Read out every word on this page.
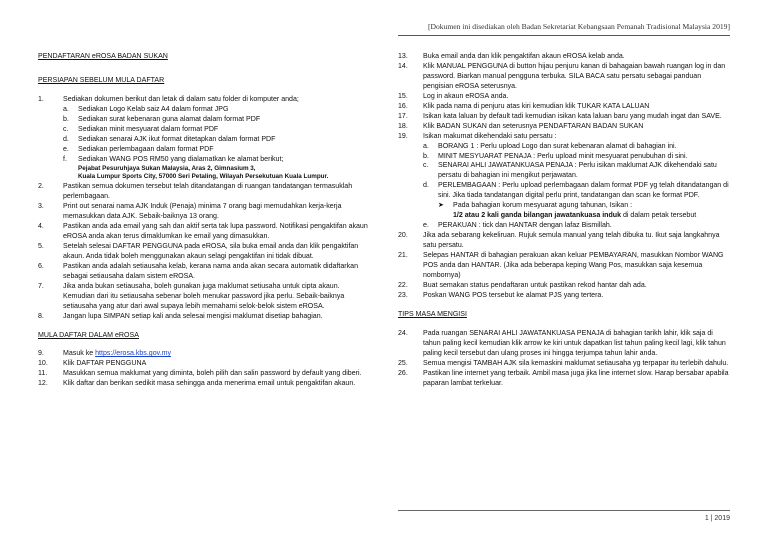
[Dokumen ini disediakan oleh Badan Sekretariat Kebangsaan Pemanah Tradisional Malaysia 2019]

PENDAFTARAN eROSA BADAN SUKAN

PERSIAPAN SEBELUM MULA DAFTAR

1.	Sediakan dokumen berikut dan letak di dalam satu folder di komputer anda;
a.	Sediakan Logo Kelab saiz A4 dalam format JPG
b.	Sediakan surat kebenaran guna alamat dalam format PDF
c.	Sediakan minit mesyuarat dalam format PDF
d.	Sediakan senarai AJK ikut format ditetapkan dalam format PDF
e.	Sediakan perlembagaan dalam format PDF
f.	Sediakan WANG POS RM50 yang dialamatkan ke alamat berikut;
Pejabat Pesuruhjaya Sukan Malaysia, Aras 2, Gimnasium 3,
Kuala Lumpur Sports City, 57000 Seri Petaling, Wilayah Persekutuan Kuala Lumpur.
2.	Pastikan semua dokumen tersebut telah ditandatangan di ruangan tandatangan termasuklah perlembagaan.
3.	Print out senarai nama AJK Induk (Penaja) minima 7 orang bagi memudahkan kerja-kerja memasukkan data AJK. Sebaik-baiknya 13 orang.
4.	Pastikan anda ada email yang sah dan aktif serta tak lupa password. Notifikasi pengaktifan akaun eROSA anda akan terus dimaklumkan ke email yang dimasukkan.
5.	Setelah selesai DAFTAR PENGGUNA pada eROSA, sila buka email anda dan klik pengaktifan akaun. Anda tidak boleh menggunakan akaun selagi pengaktifan ini tidak dibuat.
6.	Pastikan anda adalah setiausaha kelab, kerana nama anda akan secara automatik didaftarkan sebagai setiausaha dalam sistem eROSA.
7.	Jika anda bukan setiausaha, boleh gunakan juga maklumat setiusaha untuk cipta akaun. Kemudian dari itu setiausaha sebenar boleh menukar password jika perlu. Sebaik-baiknya setiausaha yang atur dari awal supaya lebih memahami selok-belok sistem eROSA.
8.	Jangan lupa SIMPAN setiap kali anda selesai mengisi maklumat disetiap bahagian.

MULA DAFTAR DALAM eROSA

9.	Masuk ke https://erosa.kbs.gov.my
10.	Klik DAFTAR PENGGUNA
11.	Masukkan semua maklumat yang diminta, boleh pilih dan salin password by default yang diberi.
12.	Klik daftar dan berikan sedikit masa sehingga anda menerima email untuk pengaktifan akaun.
13.	Buka email anda dan klik pengaktifan akaun eROSA kelab anda.
14.	Klik MANUAL PENGGUNA di button hijau penjuru kanan di bahagaian bawah ruangan log in dan password. Biarkan manual pengguna terbuka. SILA BACA satu persatu sebagai panduan pengisian eROSA seterusnya.
15.	Log in akaun eROSA anda.
16.	Klik pada nama di penjuru atas kiri kemudian klik TUKAR KATA LALUAN
17.	Isikan kata laluan by default tadi kemudian isikan kata laluan baru yang mudah ingat dan SAVE.
18.	Klik BADAN SUKAN dan seterusnya PENDAFTARAN BADAN SUKAN
19.	Isikan makumat dikehendaki satu persatu :
a.	BORANG 1 : Perlu upload Logo dan surat kebenaran alamat di bahagian ini.
b.	MINIT MESYUARAT PENAJA : Perlu upload minit mesyuarat penubuhan di sini.
c.	SENARAI AHLI JAWATANKUASA PENAJA : Perlu isikan maklumat AJK dikehendaki satu persatu di bahagian ini mengikut perjawatan.
d.	PERLEMBAGAAN : Perlu upload perlembagaan dalam format PDF yg telah ditandatangan di sini. Jika tiada tandatangan digital perlu print, tandatangan dan scan ke format PDF.
➤	Pada bahagian korum mesyuarat agung tahunan, Isikan :
1/2 atau 2 kali ganda bilangan jawatankuasa induk di dalam petak tersebut
e.	PERAKUAN : tick dan HANTAR dengan lafaz Bismillah.
20.	Jika ada sebarang kekeliruan. Rujuk semula manual yang telah dibuka tu. Ikut saja langkahnya satu persatu.
21.	Selepas HANTAR di bahagian perakuan akan keluar PEMBAYARAN, masukkan Nombor WANG POS anda dan HANTAR. (Jika ada beberapa keping Wang Pos, masukkan saja kesemua nombornya)
22.	Buat semakan status pendaftaran untuk pastikan rekod hantar dah ada.
23.	Poskan WANG POS tersebut ke alamat PJS yang tertera.

TIPS MASA MENGISI

24.	Pada ruangan SENARAI AHLI JAWATANKUASA PENAJA di bahagian tarikh lahir, klik saja di tahun paling kecil kemudian klik arrow ke kiri untuk dapatkan list tahun paling kecil lagi, klik tahun paling kecil tersebut dan ulang proses ini hingga terjumpa tahun lahir anda.
25.	Semua mengisi TAMBAH AJK sila kemaskini maklumat setiausaha yg terpapar itu terlebih dahulu.
26.	Pastikan line internet yang terbaik. Ambil masa juga jika line internet slow. Harap bersabar apabila paparan lambat terkeluar.
1 | 2019
